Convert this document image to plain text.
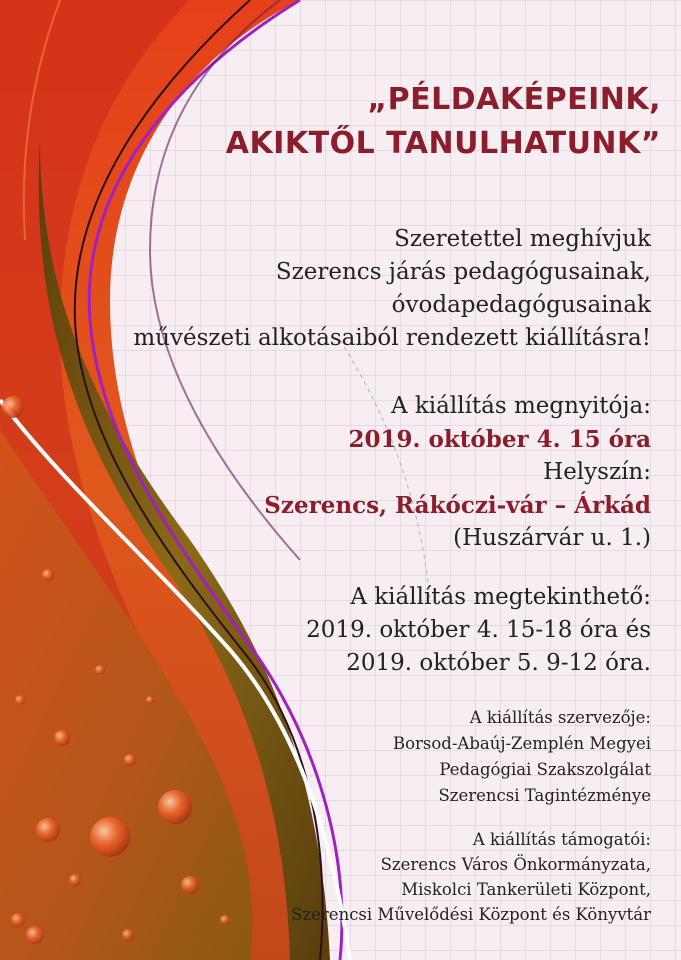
„PÉLDAKÉPEINK,
AKIKTŐL TANULHATUNK”
Szeretettel meghívjuk
Szerencs járás pedagógusainak,
óvodapedagógusainak
művészeti alkotásaiból rendezett kiállításra!
A kiállítás megnyitója:
2019. október 4. 15 óra
Helyszín:
Szerencs, Rákóczi-vár – Árkád
(Huszárvár u. 1.)
A kiállítás megtekinthető:
2019. október 4. 15-18 óra és
2019. október 5. 9-12 óra.
A kiállítás szervezője:
Borsod-Abaúj-Zemplén Megyei
Pedagógiai Szakszolgálat
Szerencsi Tagintézménye
A kiállítás támogatói:
Szerencs Város Önkormányzata,
Miskolci Tankerületi Központ,
Szerencsi Művelődési Központ és Könyvtár
